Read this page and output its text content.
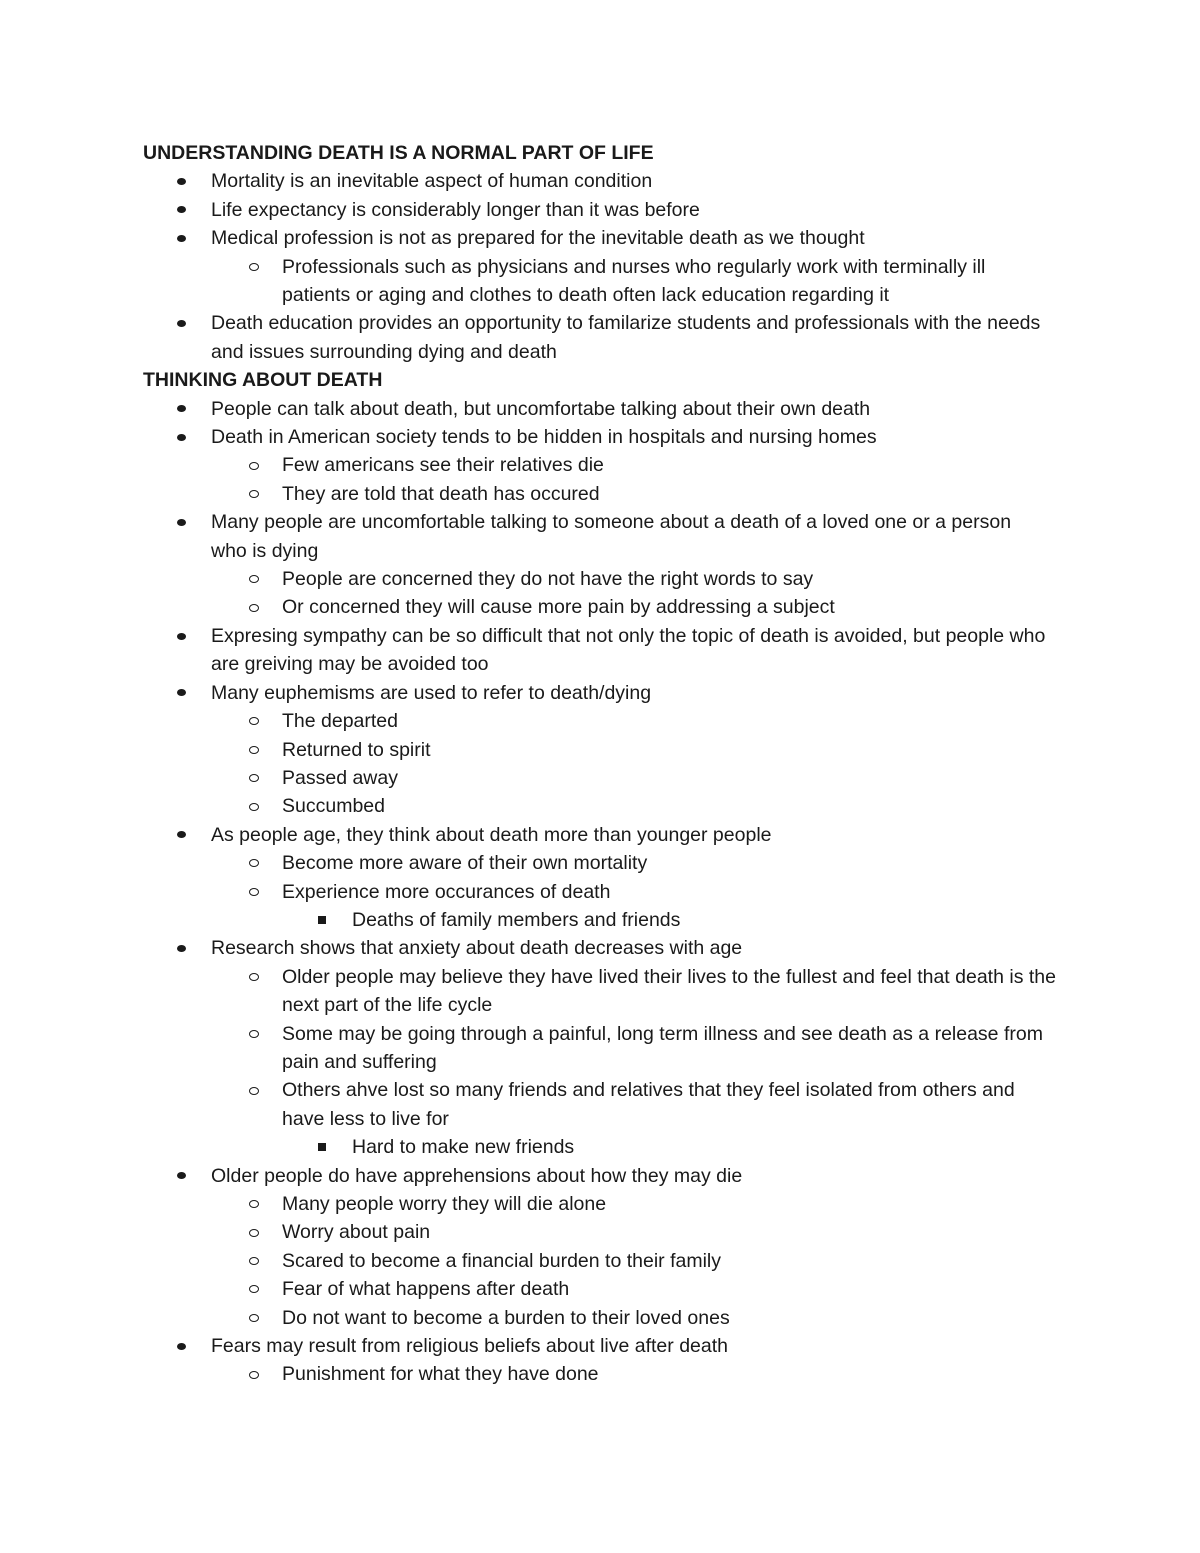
UNDERSTANDING DEATH IS A NORMAL PART OF LIFE
Mortality is an inevitable aspect of human condition
Life expectancy is considerably longer than it was before
Medical profession is not as prepared for the inevitable death as we thought
Professionals such as physicians and nurses who regularly work with terminally ill patients or aging and clothes to death often lack education regarding it
Death education provides an opportunity to familarize students and professionals with the needs and issues surrounding dying and death
THINKING ABOUT DEATH
People can talk about death, but uncomfortabe talking about their own death
Death in American society tends to be hidden in hospitals and nursing homes
Few americans see their relatives die
They are told that death has occured
Many people are uncomfortable talking to someone about a death of a loved one or a person who is dying
People are concerned they do not have the right words to say
Or concerned they will cause more pain by addressing a subject
Expresing sympathy can be so difficult that not only the topic of death is avoided, but people who are greiving may be avoided too
Many euphemisms are used to refer to death/dying
The departed
Returned to spirit
Passed away
Succumbed
As people age, they think about death more than younger people
Become more aware of their own mortality
Experience more occurances of death
Deaths of family members and friends
Research shows that anxiety about death decreases with age
Older people may believe they have lived their lives to the fullest and feel that death is the next part of the life cycle
Some may be going through a painful, long term illness and see death as a release from pain and suffering
Others ahve lost so many friends and relatives that they feel isolated from others and have less to live for
Hard to make new friends
Older people do have apprehensions about how they may die
Many people worry they will die alone
Worry about pain
Scared to become a financial burden to their family
Fear of what happens after death
Do not want to become a burden to their loved ones
Fears may result from religious beliefs about live after death
Punishment for what they have done
